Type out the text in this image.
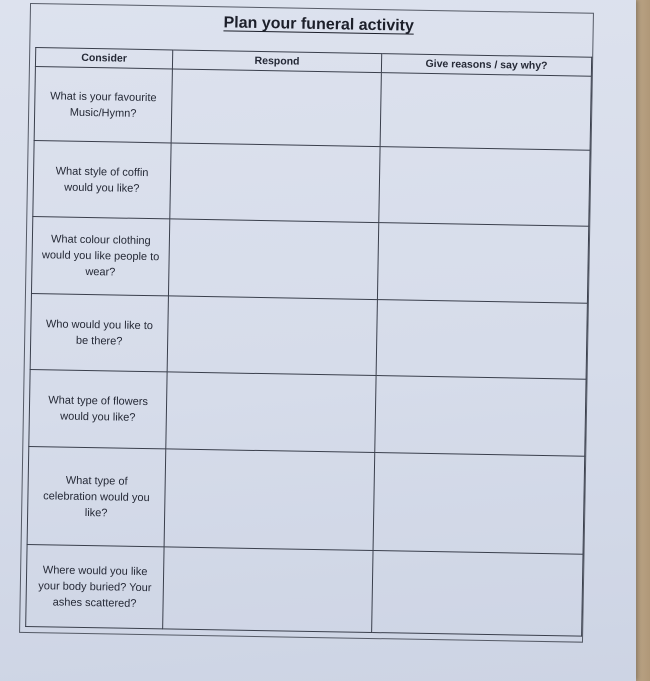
Plan your funeral activity
Consider	Respond	Give reasons / say why?

What is your favourite
Music/Hymn?		

What style of coffin
would you like?		

What colour clothing
would you like people to
wear?		

Who would you like to
be there?		

What type of flowers
would you like?		

What type of
celebration would you
like?		

Where would you like
your body buried? Your
ashes scattered?		
